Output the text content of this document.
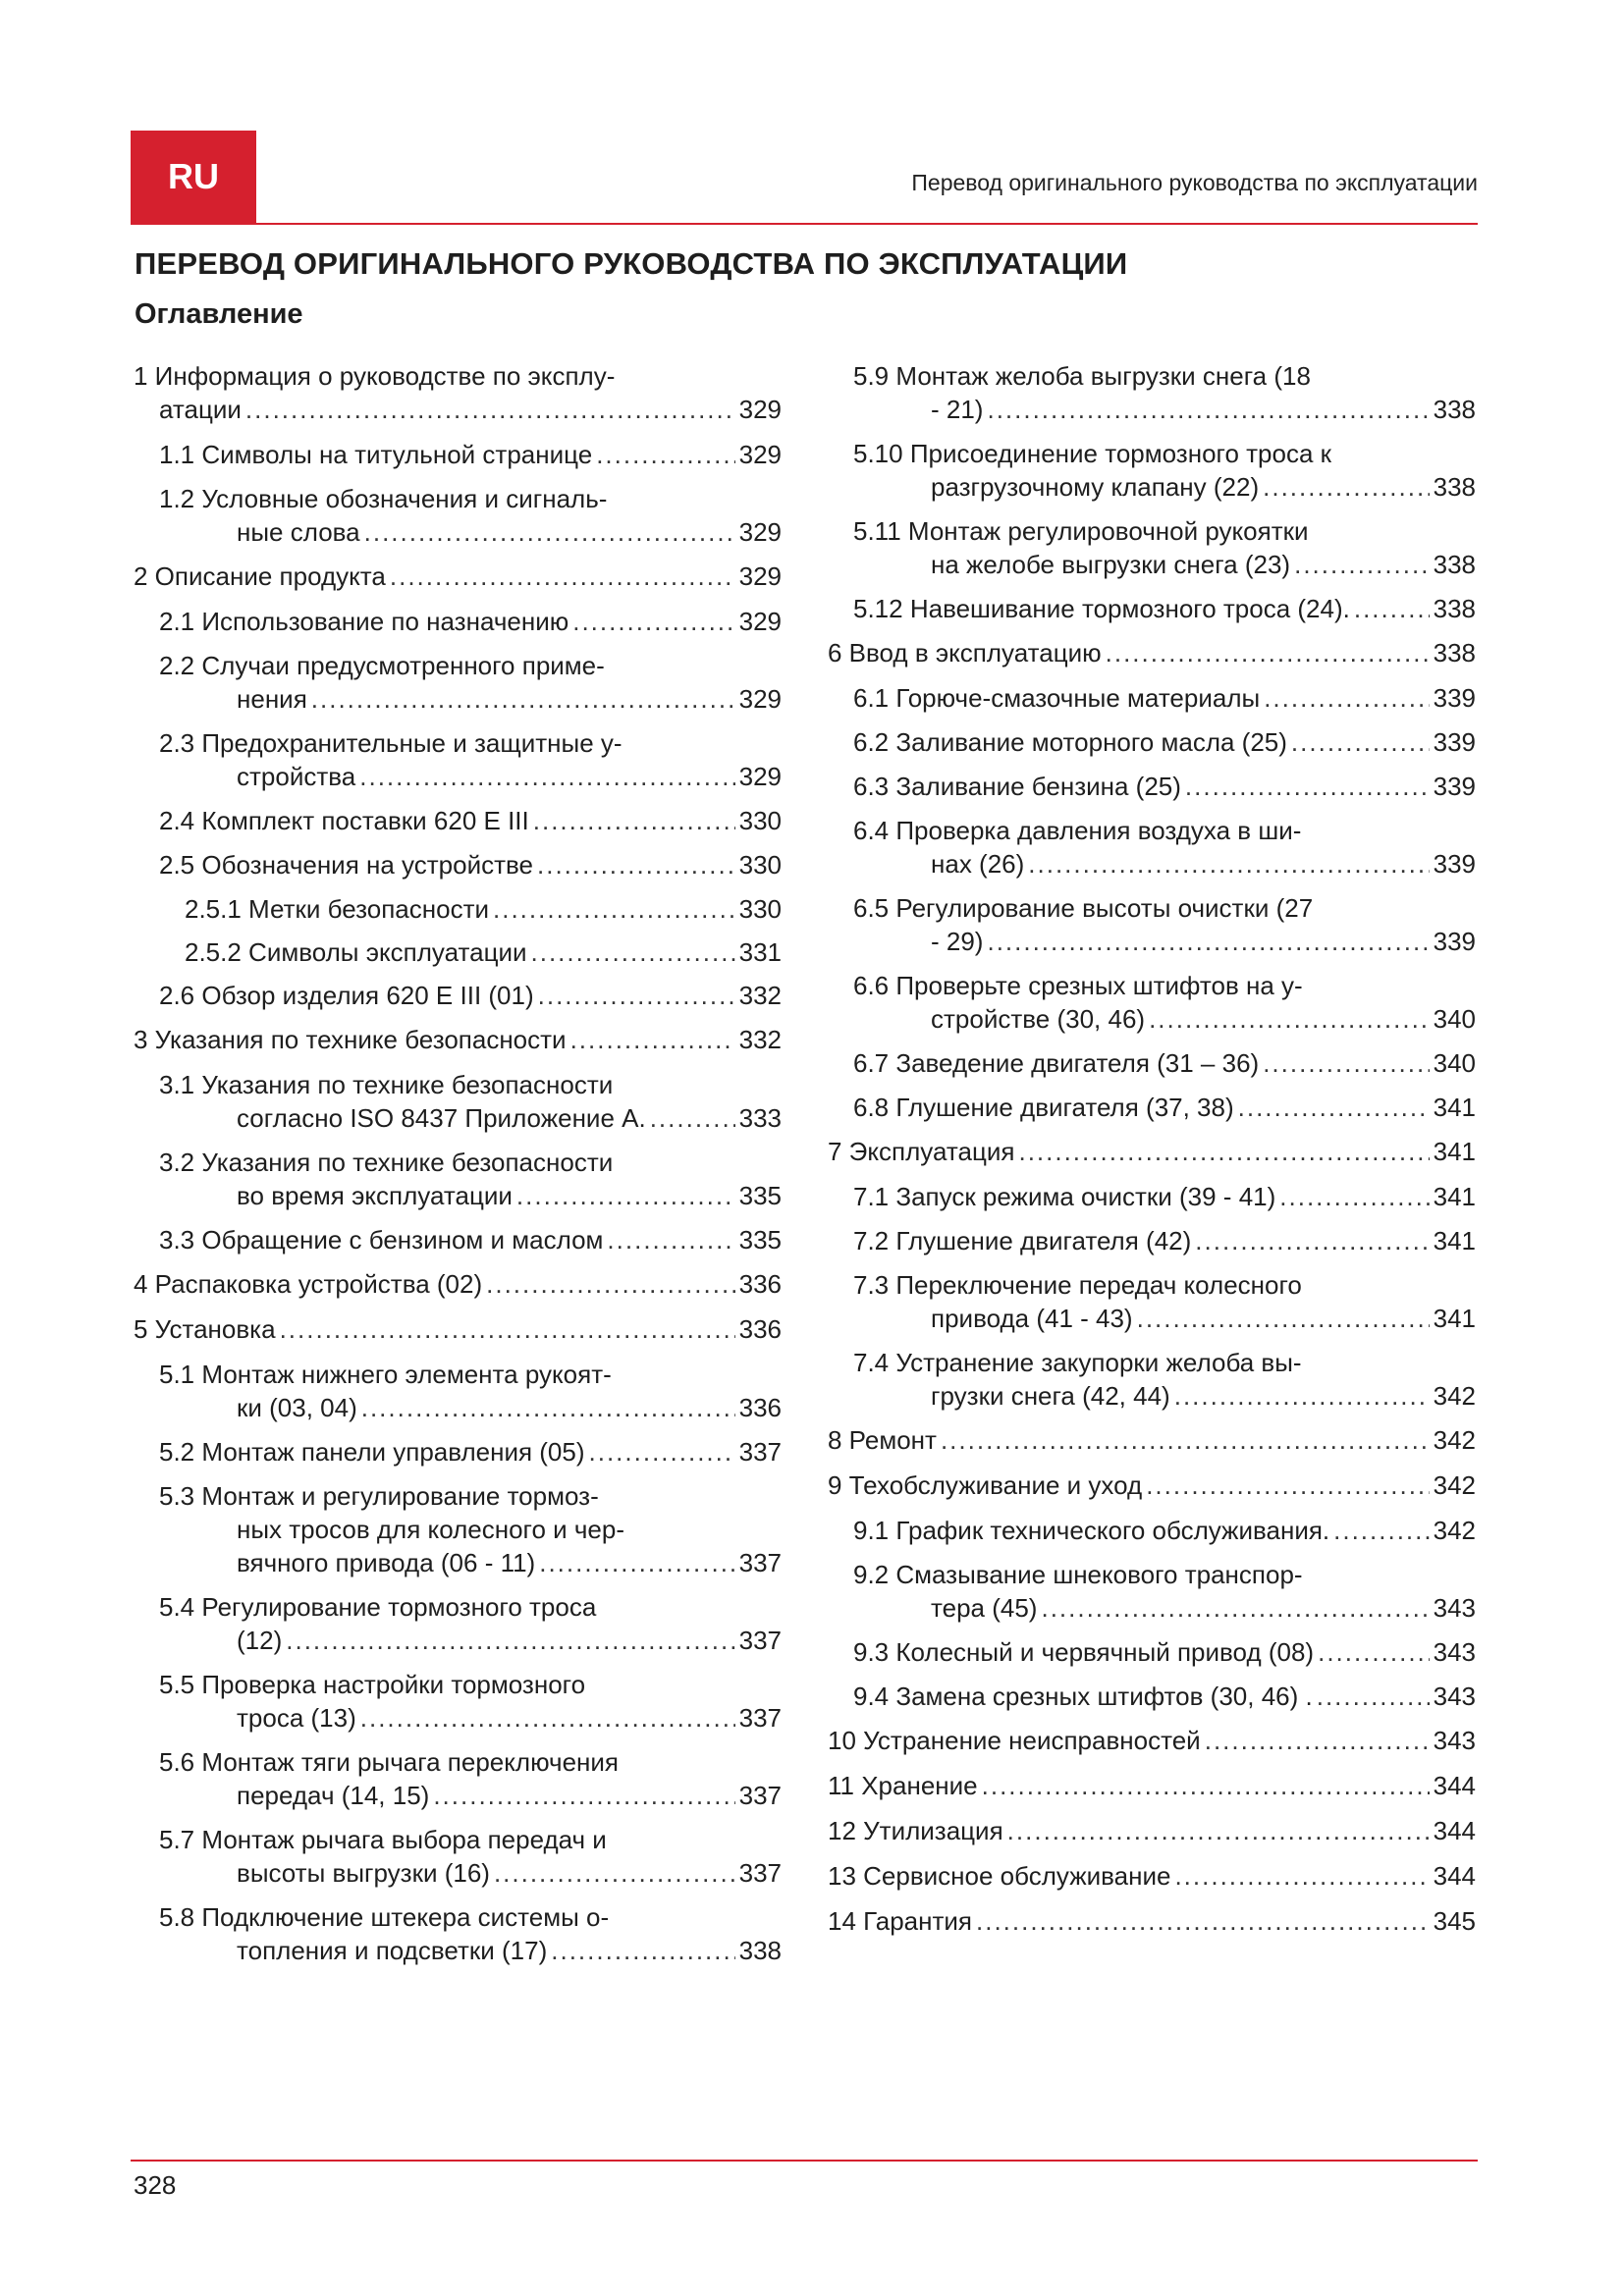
RU	Перевод оригинального руководства по эксплуатации
ПЕРЕВОД ОРИГИНАЛЬНОГО РУКОВОДСТВА ПО ЭКСПЛУАТАЦИИ
Оглавление
1 Информация о руководстве по эксплу-
атации .....	329
1.1 Символы на титульной странице .....	329
1.2 Условные обозначения и сигналь-
ные слова .....	329
2 Описание продукта .....	329
2.1 Использование по назначению .....	329
2.2 Случаи предусмотренного приме-
нения .....	329
2.3 Предохранительные и защитные у-
стройства .....	329
2.4 Комплект поставки 620 E III .....	330
2.5 Обозначения на устройстве .....	330
2.5.1 Метки безопасности .....	330
2.5.2 Символы эксплуатации .....	331
2.6 Обзор изделия 620 E III (01) .....	332
3 Указания по технике безопасности .....	332
3.1 Указания по технике безопасности
согласно ISO 8437 Приложение A. .....	333
3.2 Указания по технике безопасности
во время эксплуатации .....	335
3.3 Обращение с бензином и маслом .....	335
4 Распаковка устройства (02) .....	336
5 Установка .....	336
5.1 Монтаж нижнего элемента рукоят-
ки (03, 04) .....	336
5.2 Монтаж панели управления (05) .....	337
5.3 Монтаж и регулирование тормоз-
ных тросов для колесного и чер-
вячного привода (06 - 11) .....	337
5.4 Регулирование тормозного троса
(12) .....	337
5.5 Проверка настройки тормозного
троса (13) .....	337
5.6 Монтаж тяги рычага переключения
передач (14, 15) .....	337
5.7 Монтаж рычага выбора передач и
высоты выгрузки (16) .....	337
5.8 Подключение штекера системы о-
топления и подсветки (17) .....	338
5.9 Монтаж желоба выгрузки снега (18
- 21) .....	338
5.10 Присоединение тормозного троса к
разгрузочному клапану (22) .....	338
5.11 Монтаж регулировочной рукоятки
на желобе выгрузки снега (23) .....	338
5.12 Навешивание тормозного троса (24). .....	338
6 Ввод в эксплуатацию .....	338
6.1 Горюче-смазочные материалы .....	339
6.2 Заливание моторного масла (25) .....	339
6.3 Заливание бензина (25) .....	339
6.4 Проверка давления воздуха в ши-
нах (26) .....	339
6.5 Регулирование высоты очистки (27
- 29) .....	339
6.6 Проверьте срезных штифтов на у-
стройстве (30, 46) .....	340
6.7 Заведение двигателя (31 – 36) .....	340
6.8 Глушение двигателя (37, 38) .....	341
7 Эксплуатация .....	341
7.1 Запуск режима очистки (39 - 41) .....	341
7.2 Глушение двигателя (42) .....	341
7.3 Переключение передач колесного
привода (41 - 43) .....	341
7.4 Устранение закупорки желоба вы-
грузки снега (42, 44) .....	342
8 Ремонт .....	342
9 Техобслуживание и уход .....	342
9.1 График технического обслуживания. .....	342
9.2 Смазывание шнекового транспор-
тера (45) .....	343
9.3 Колесный и червячный привод (08) .....	343
9.4 Замена срезных штифтов (30, 46) . .....	343
10 Устранение неисправностей .....	343
11 Хранение .....	344
12 Утилизация .....	344
13 Сервисное обслуживание .....	344
14 Гарантия .....	345
328
